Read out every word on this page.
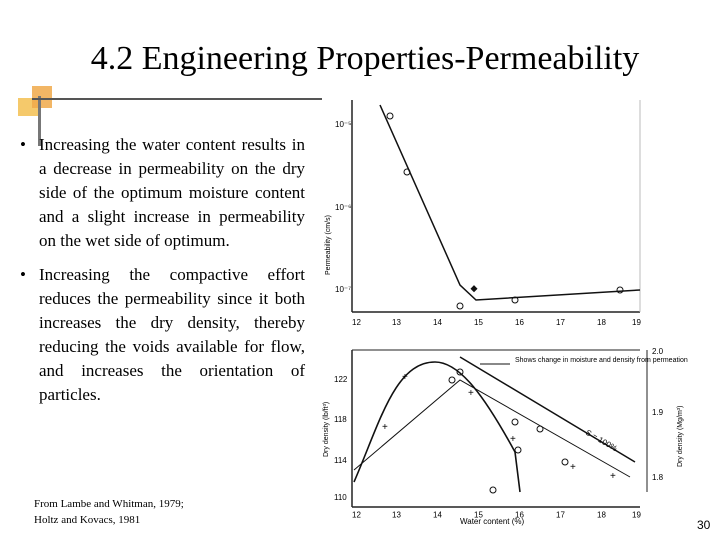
4.2 Engineering Properties-Permeability
• Increasing the water content results in a decrease in permeability on the dry side of the optimum moisture content and a slight increase in permeability on the wet side of optimum.
• Increasing the compactive effort reduces the permeability since it both increases the dry density, thereby reducing the voids available for flow, and increases the orientation of particles.
From Lambe and Whitman, 1979;
Holtz and Kovacs, 1981	30
Permeability (cm/s)
10⁻⁵
10⁻⁶
10⁻⁷
12	13	14	15	16	17	18	19
Dry density (lb/ft³)	Dry density (Mg/m³)
Water content (%)
122
118
114
110
2.0
1.9
1.8
12	13	14	15	16	17	18	19
S = 100%
Shows change in moisture and density from permeation
+
+
+
+
+
+
